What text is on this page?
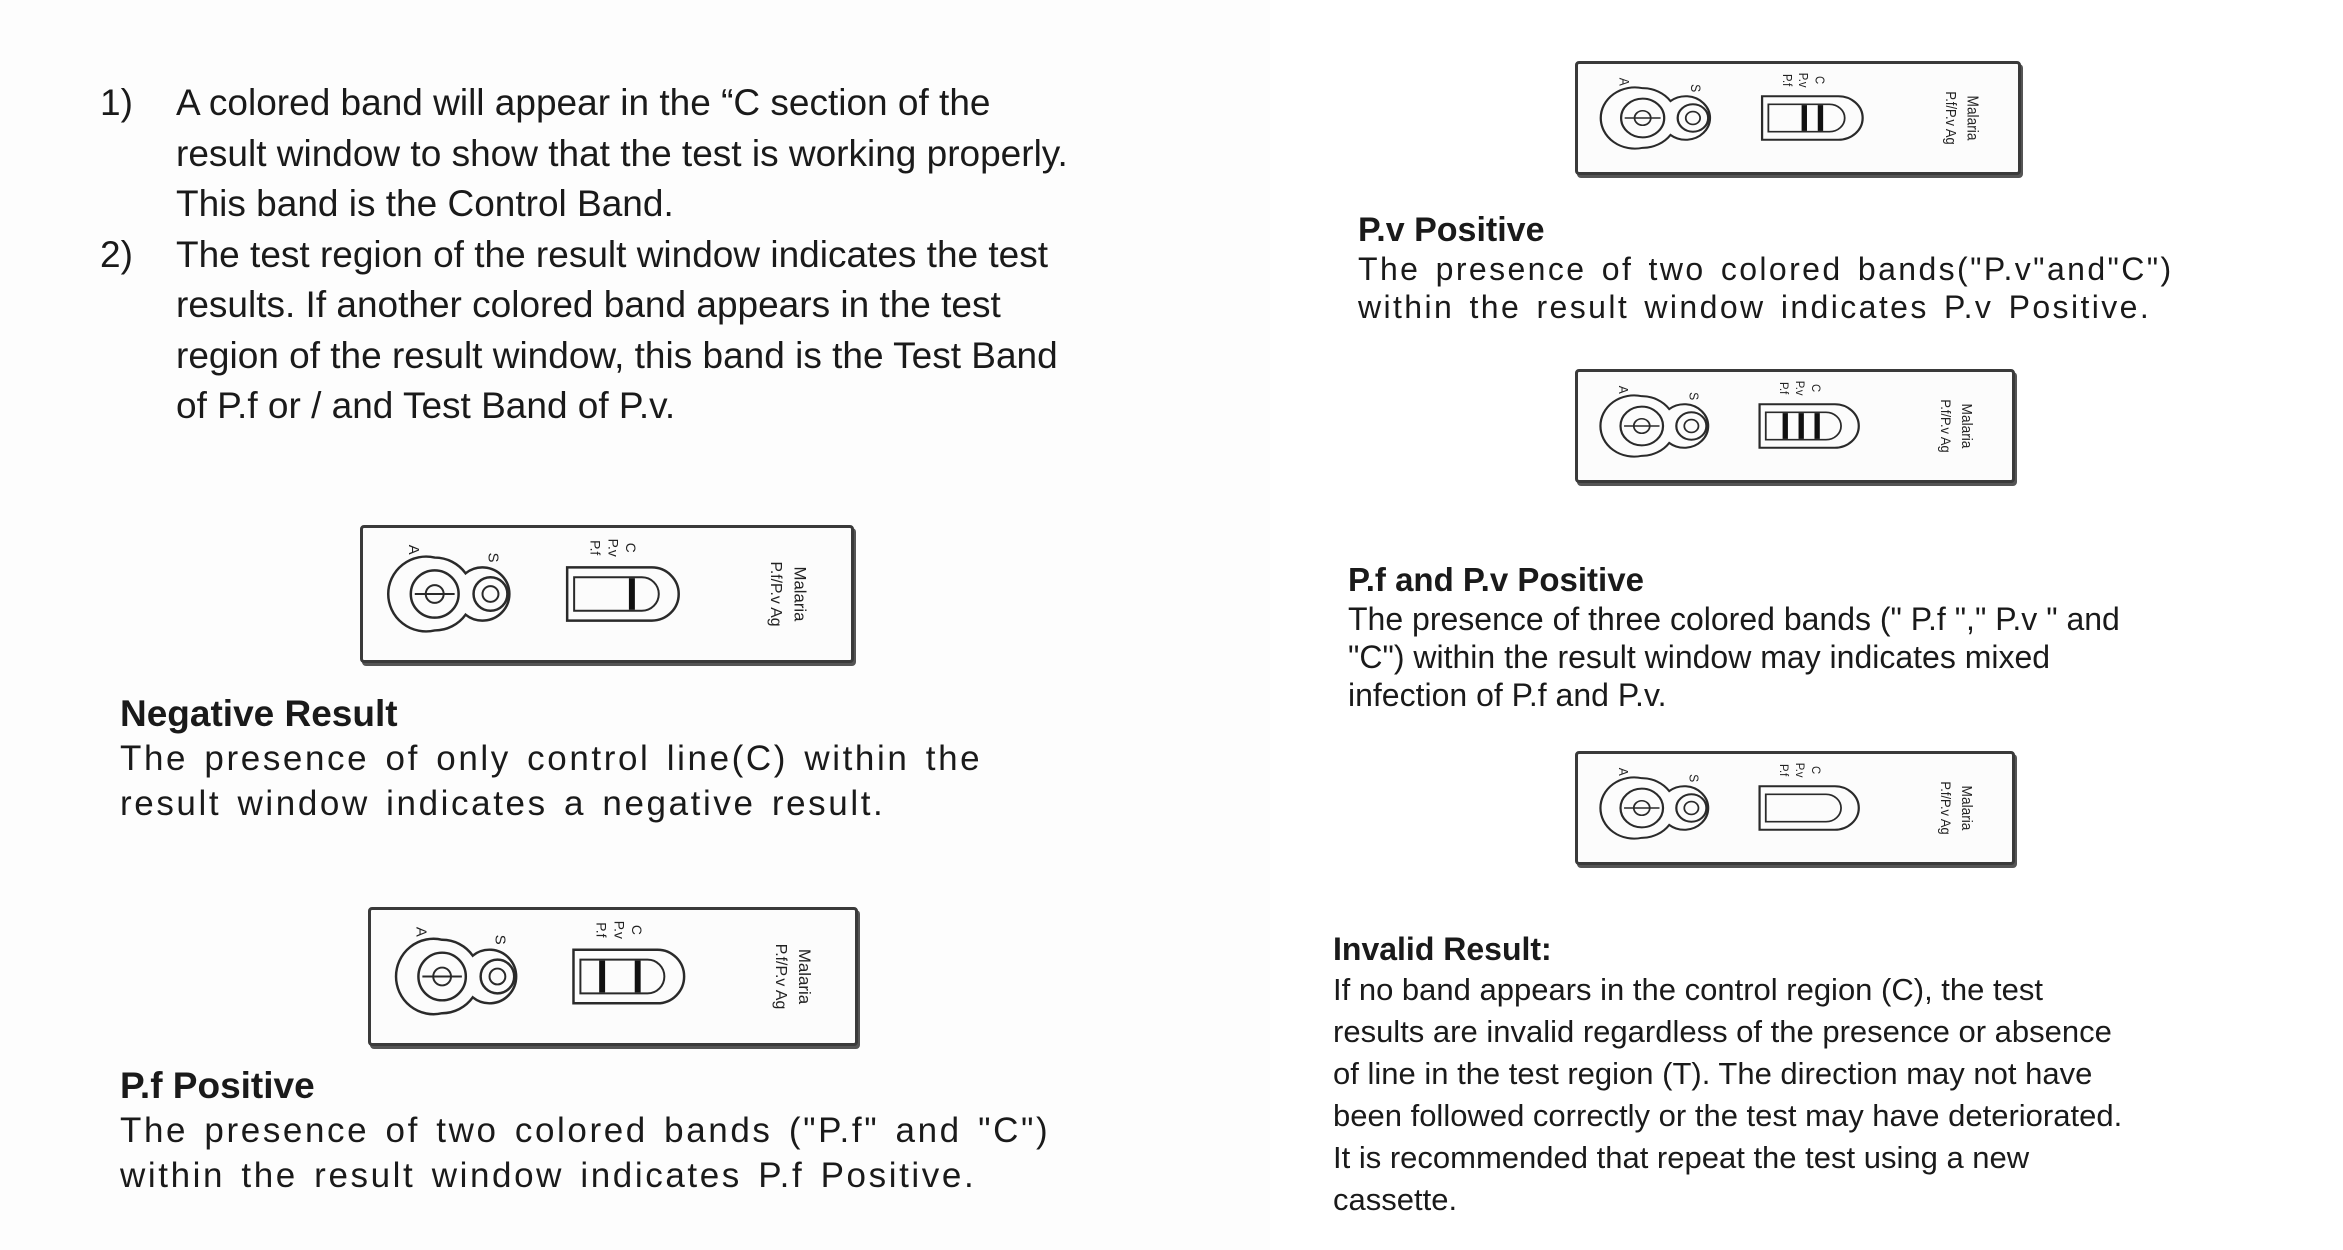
1) A colored band will appear in the “C section of the
result window to show that the test is working properly.
This band is the Control Band.
2) The test region of the result window indicates the test
results. If another colored band appears in the test
region of the result window, this band is the Test Band
of P.f or / and Test Band of P.v.
A
S
P.f P.v C
Malaria
P.f/P.v Ag
Negative Result
The presence of only control line(C) within the
result window indicates a negative result.
A
S
P.f P.v C
Malaria
P.f/P.v Ag
P.f Positive
The presence of two colored bands ("P.f" and "C")
within the result window indicates P.f Positive.
A
S
P.f P.v C
Malaria
P.f/P.v Ag
P.v Positive
The presence of two colored bands("P.v"and"C")
within the result window indicates P.v Positive.
A
S
P.f P.v C
Malaria
P.f/P.v Ag
P.f and P.v Positive
The presence of three colored bands (" P.f "," P.v " and
"C") within the result window may indicates mixed
infection of P.f and P.v.
A
S
P.f P.v C
Malaria
P.f/P.v Ag
Invalid Result:
If no band appears in the control region (C), the test
results are invalid regardless of the presence or absence
of line in the test region (T). The direction may not have
been followed correctly or the test may have deteriorated.
It is recommended that repeat the test using a new
cassette.
